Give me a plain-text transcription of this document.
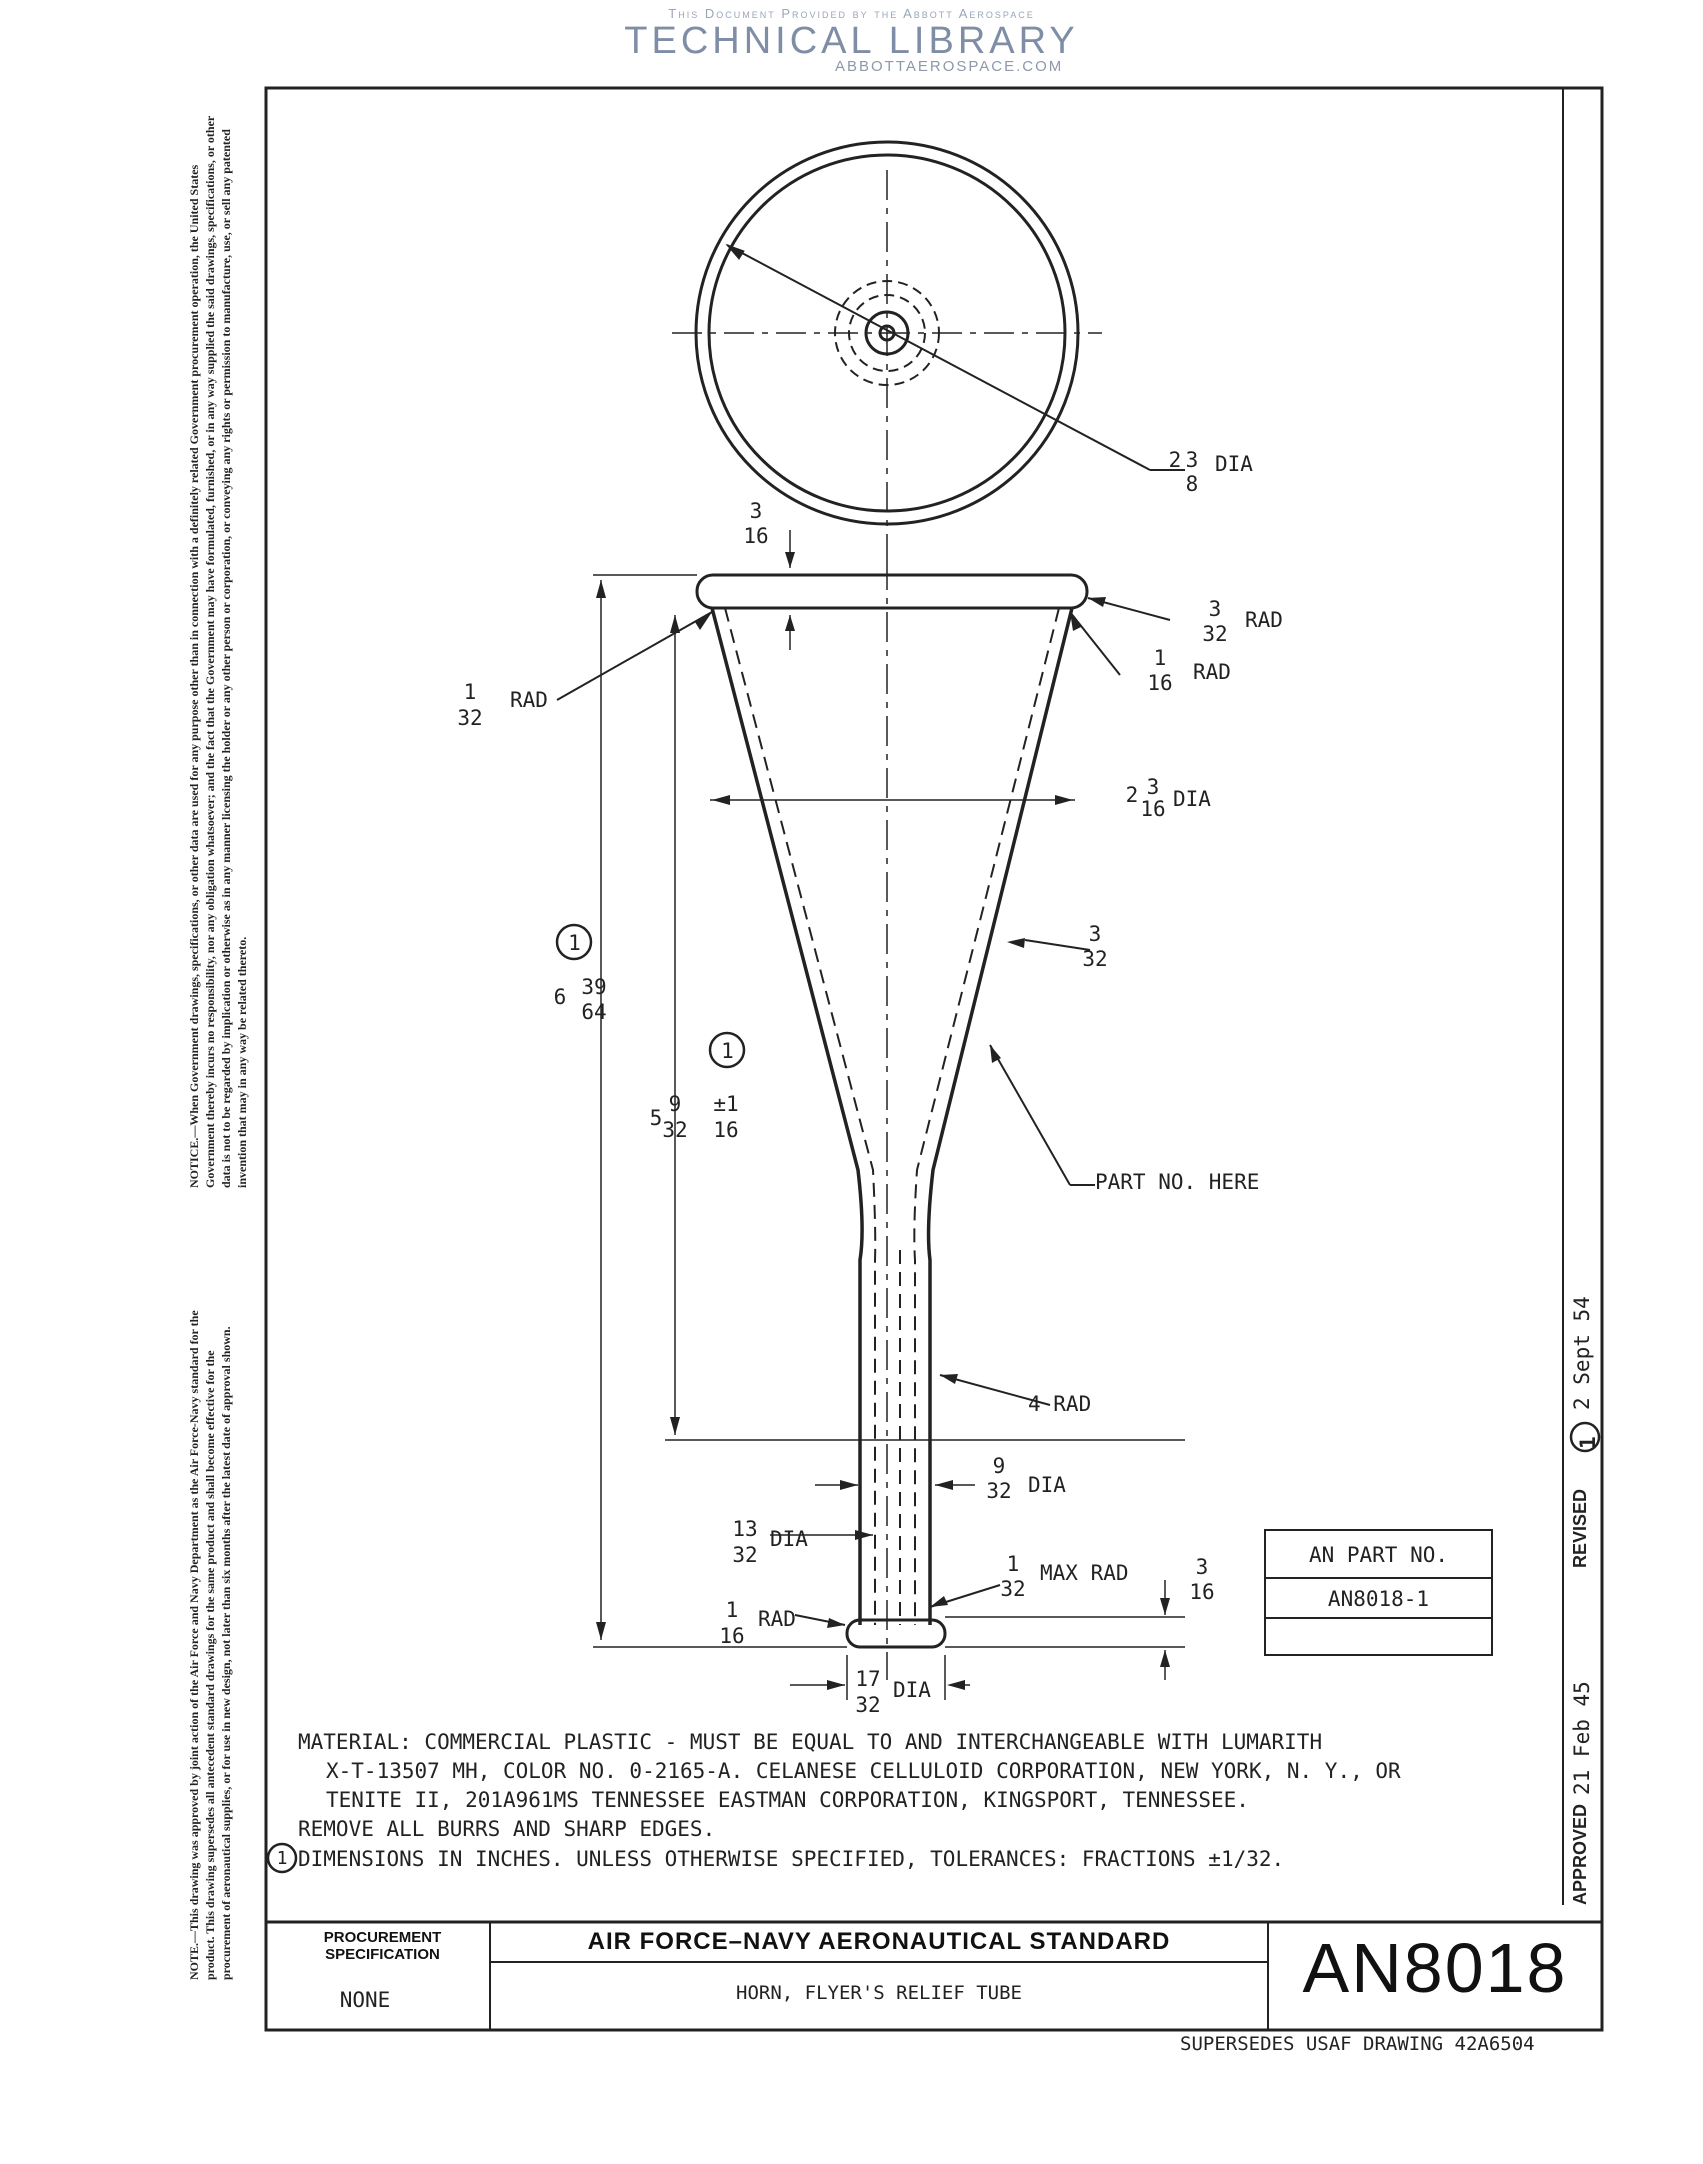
This Document Provided by the Abbott Aerospace
TECHNICAL LIBRARY
ABBOTTAEROSPACE.COM
NOTICE.—When Government drawings, specifications, or other data are used for any purpose other than in connection with a definitely related Government procurement operation, the United States Government thereby incurs no responsibility, nor any obligation whatsoever; and the fact that the Government may have formulated, furnished, or in any way supplied the said drawings, specifications, or other data is not to be regarded by implication or otherwise as in any manner licensing the holder or any other person or corporation, or conveying any rights or permission to manufacture, use, or sell any patented invention that may in any way be related thereto.
NOTE.—This drawing was approved by joint action of the Air Force and Navy Department as the Air Force-Navy standard for the product. This drawing supersedes all antecedent standard drawings for the same product and shall become effective for the procurement of aeronautical supplies, or for use in new design, not later than six months after the latest date of approval shown.
2 3
8
DIA
3
16
3
32
RAD
1
16 RAD
1
32
RAD
2 3
16 DIA
3
32
1
6 39
64
1
5
9
32
±1
16
PART NO. HERE
4 RAD
9
32 DIA
13
32
DIA
1
32
MAX RAD	3
16
1
16
RAD
17
32
DIA
AN PART NO.
AN8018-1
MATERIAL: COMMERCIAL PLASTIC - MUST BE EQUAL TO AND INTERCHANGEABLE WITH LUMARITH
X-T-13507 MH, COLOR NO. 0-2165-A. CELANESE CELLULOID CORPORATION, NEW YORK, N. Y., OR
TENITE II, 201A961MS TENNESSEE EASTMAN CORPORATION, KINGSPORT, TENNESSEE.
REMOVE ALL BURRS AND SHARP EDGES.
DIMENSIONS IN INCHES. UNLESS OTHERWISE SPECIFIED, TOLERANCES: FRACTIONS ±1/32.
1	APPROVED
21 Feb 45
REVISED
1
2 Sept 54
PROCUREMENT SPECIFICATION
NONE
AIR FORCE–NAVY AERONAUTICAL STANDARD
HORN, FLYER'S RELIEF TUBE	AN8018
SUPERSEDES USAF DRAWING 42A6504
